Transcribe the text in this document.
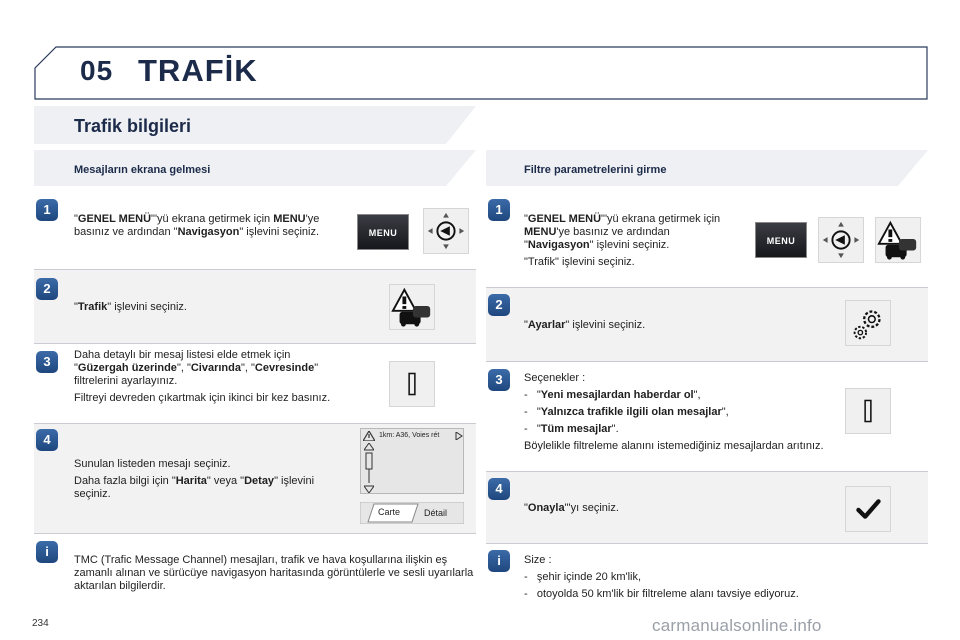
05 TRAFİK
Trafik bilgileri
Mesajların ekrana gelmesi	Filtre parametrelerini girme
1
"GENEL MENÜ"'yü ekrana getirmek için MENU'ye basınız ve ardından "Navigasyon" işlevini seçiniz.	MENU
2
"Trafik" işlevini seçiniz.
3	Daha detaylı bir mesaj listesi elde etmek için "Güzergah üzerinde", "Civarında", "Cevresinde" filtrelerini ayarlayınız.

Filtreyi devreden çıkartmak için ikinci bir kez basınız.

4

Sunulan listeden mesajı seçiniz.

Daha fazla bilgi için "Harita" veya "Detay" işlevini seçiniz.

1km: A36, Voies rét
Carte	Détail
i
TMC (Trafic Message Channel) mesajları, trafik ve hava koşullarına ilişkin eş zamanlı alınan ve sürücüye navigasyon haritasında görüntülerle ve sesli uyarılarla aktarılan bilgilerdir.
1

"GENEL MENÜ"'yü ekrana getirmek için MENU'ye basınız ve ardından "Navigasyon" işlevini seçiniz.

"Trafik" işlevini seçiniz.

MENU
2
"Ayarlar" işlevini seçiniz.
3	Seçenekler :

-   "Yeni mesajlardan haberdar ol",

-   "Yalnızca trafikle ilgili olan mesajlar",

-   "Tüm mesajlar".

Böylelikle filtreleme alanını istemediğiniz mesajlardan arıtınız.

4
"Onayla"'yı seçiniz.
i	Size :

-   şehir içinde 20 km'lik,

-   otoyolda 50 km'lik bir filtreleme alanı tavsiye ediyoruz.

234	carmanualsonline.info
